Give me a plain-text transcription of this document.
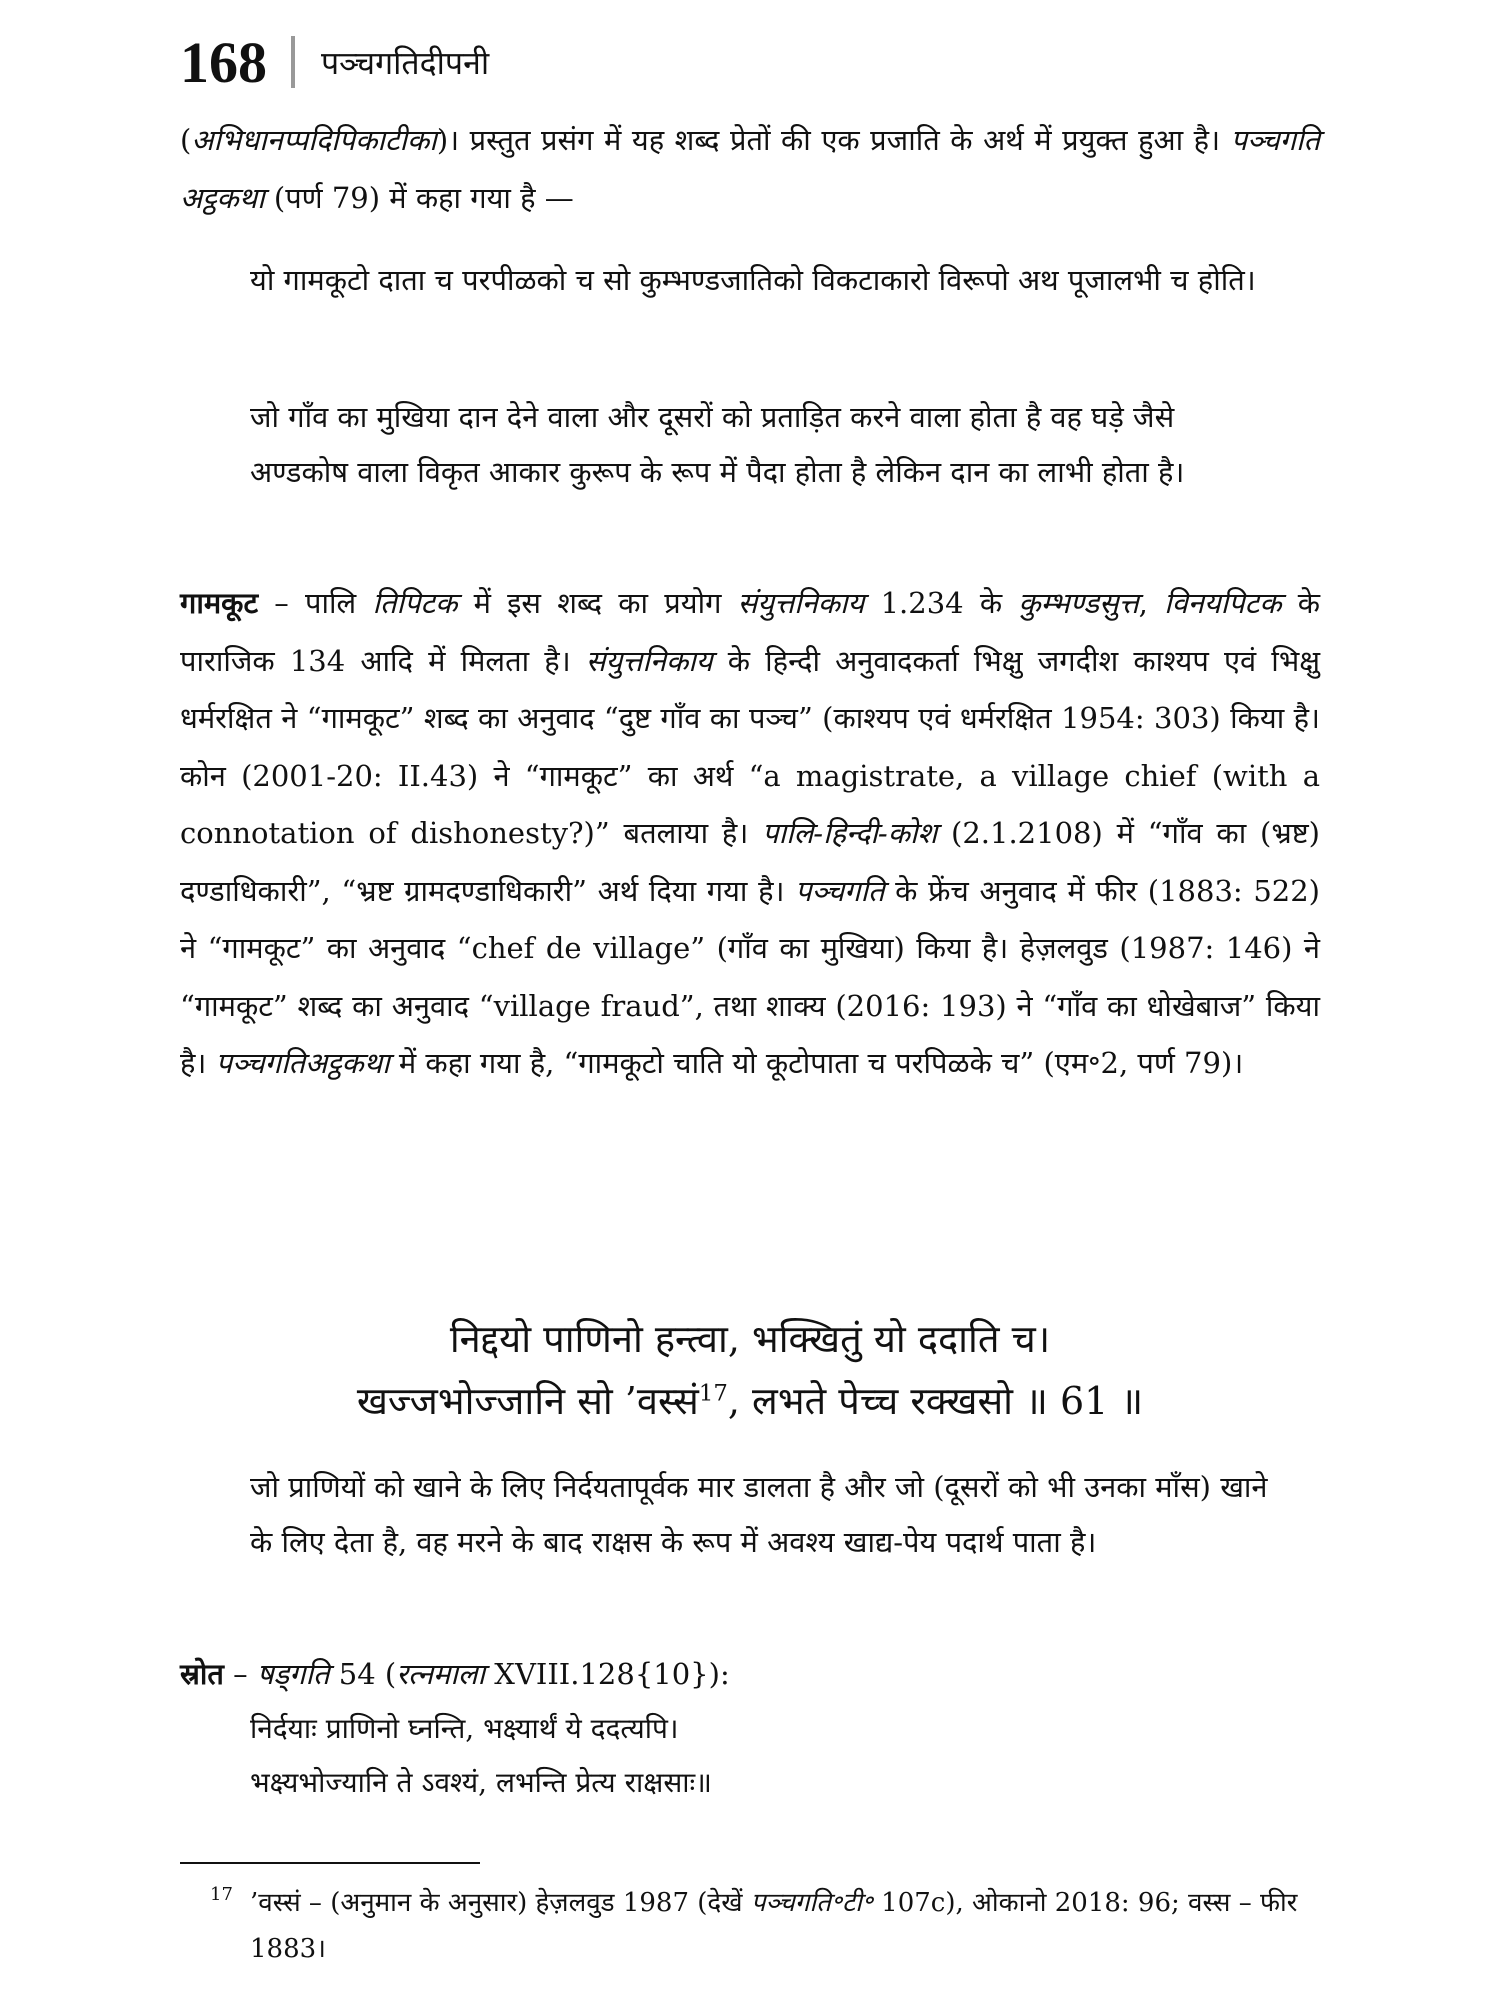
168 पञ्चगतिदीपनी

(अभिधानप्पदिपिकाटीका)। प्रस्तुत प्रसंग में यह शब्द प्रेतों की एक प्रजाति के अर्थ में प्रयुक्त हुआ है। पञ्चगति अट्ठकथा (पर्ण 79) में कहा गया है —

यो गामकूटो दाता च परपीळको च सो कुम्भण्डजातिको विकटाकारो विरूपो अथ पूजालभी च होति।

जो गाँव का मुखिया दान देने वाला और दूसरों को प्रताड़ित करने वाला होता है वह घड़े जैसे अण्डकोष वाला विकृत आकार कुरूप के रूप में पैदा होता है लेकिन दान का लाभी होता है।

गामकूट – पालि तिपिटक में इस शब्द का प्रयोग संयुत्तनिकाय 1.234 के कुम्भण्डसुत्त, विनयपिटक के पाराजिक 134 आदि में मिलता है। संयुत्तनिकाय के हिन्दी अनुवादकर्ता भिक्षु जगदीश काश्यप एवं भिक्षु धर्मरक्षित ने “गामकूट” शब्द का अनुवाद “दुष्ट गाँव का पञ्च” (काश्यप एवं धर्मरक्षित 1954: 303) किया है। कोन (2001-20: II.43) ने “गामकूट” का अर्थ “a magistrate, a village chief (with a connotation of dishonesty?)” बतलाया है। पालि-हिन्दी-कोश (2.1.2108) में “गाँव का (भ्रष्ट) दण्डाधिकारी”, “भ्रष्ट ग्रामदण्डाधिकारी” अर्थ दिया गया है। पञ्चगति के फ्रेंच अनुवाद में फीर (1883: 522) ने “गामकूट” का अनुवाद “chef de village” (गाँव का मुखिया) किया है। हेज़लवुड (1987: 146) ने “गामकूट” शब्द का अनुवाद “village fraud”, तथा शाक्य (2016: 193) ने “गाँव का धोखेबाज” किया है। पञ्चगतिअट्ठकथा में कहा गया है, “गामकूटो चाति यो कूटोपाता च परपिळके च” (एम॰2, पर्ण 79)।

निद्दयो पाणिनो हन्त्वा, भक्खितुं यो ददाति च।
खज्जभोज्जानि सो ’वस्सं$^{17}$, लभते पेच्च रक्खसो ॥ 61 ॥

जो प्राणियों को खाने के लिए निर्दयतापूर्वक मार डालता है और जो (दूसरों को भी उनका माँस) खाने के लिए देता है, वह मरने के बाद राक्षस के रूप में अवश्य खाद्य-पेय पदार्थ पाता है।

स्रोत – षड्गति 54 (रत्नमाला XVIII.128{10}):

निर्दयाः प्राणिनो घ्नन्ति, भक्ष्यार्थं ये ददत्यपि।
भक्ष्यभोज्यानि ते ऽवश्यं, लभन्ति प्रेत्य राक्षसाः॥
17 ’वस्सं – (अनुमान के अनुसार) हेज़लवुड 1987 (देखें पञ्चगति॰टी॰ 107c), ओकानो 2018: 96; वस्स – फीर 1883।
